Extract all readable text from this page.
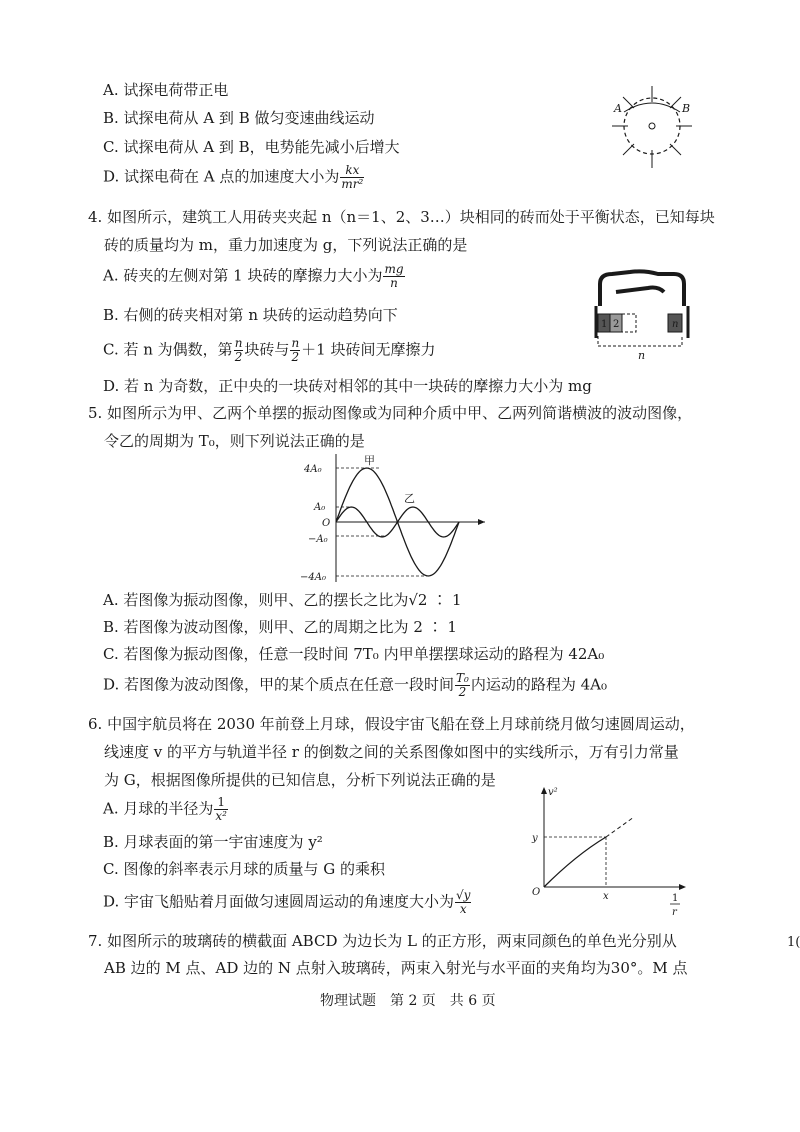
A. 试探电荷带正电
B. 试探电荷从 A 到 B 做匀变速曲线运动
C. 试探电荷从 A 到 B，电势能先减小后增大
D. 试探电荷在 A 点的加速度大小为 $\frac{kx}{\text{mr²}}$
A	B
4. 如图所示，建筑工人用砖夹夹起 n（n＝1、2、3…）块相同的砖而处于平衡状态，已知每块
砖的质量均为 m，重力加速度为 g，下列说法正确的是
A. 砖夹的左侧对第 1 块砖的摩擦力大小为 $\frac{mg}{n}$
B. 右侧的砖夹相对第 n 块砖的运动趋势向下
C. 若 n 为偶数，第 $\frac{n}{2}$ 块砖与 $\frac{n}{2} +1$ 块砖间无摩擦力
D. 若 n 为奇数，正中央的一块砖对相邻的其中一块砖的摩擦力大小为 mg
1 2	n
n
5. 如图所示为甲、乙两个单摆的振动图像或为同种介质中甲、乙两列简谐横波的波动图像，
令乙的周期为 T₀，则下列说法正确的是
4A₀
A₀
O
−A₀
−4A₀
甲
乙
A. 若图像为振动图像，则甲、乙的摆长之比为√2 ∶ 1
B. 若图像为波动图像，则甲、乙的周期之比为 2 ∶ 1
C. 若图像为振动图像，任意一段时间 7T₀ 内甲单摆摆球运动的路程为 42A₀
D. 若图像为波动图像，甲的某个质点在任意一段时间 $\frac{\text{T₀}}{2}$ 内运动的路程为 4A₀
6. 中国宇航员将在 2030 年前登上月球，假设宇宙飞船在登上月球前绕月做匀速圆周运动，
线速度 v 的平方与轨道半径 r 的倒数之间的关系图像如图中的实线所示，万有引力常量
为 G，根据图像所提供的已知信息，分析下列说法正确的是
A. 月球的半径为 $\frac{1}{\text{x²}}$
B. 月球表面的第一宇宙速度为 y²
C. 图像的斜率表示月球的质量与 G 的乘积
D. 宇宙飞船贴着月面做匀速圆周运动的角速度大小为 $\frac{√y}{x}$
v²
y
O	x	1
r
7. 如图所示的玻璃砖的横截面 ABCD 为边长为 L 的正方形，两束同颜色的单色光分别从
AB 边的 M 点、AD 边的 N 点射入玻璃砖，两束入射光与水平面的夹角均为30°。M 点
1(
物理试题　第 2 页　共 6 页
